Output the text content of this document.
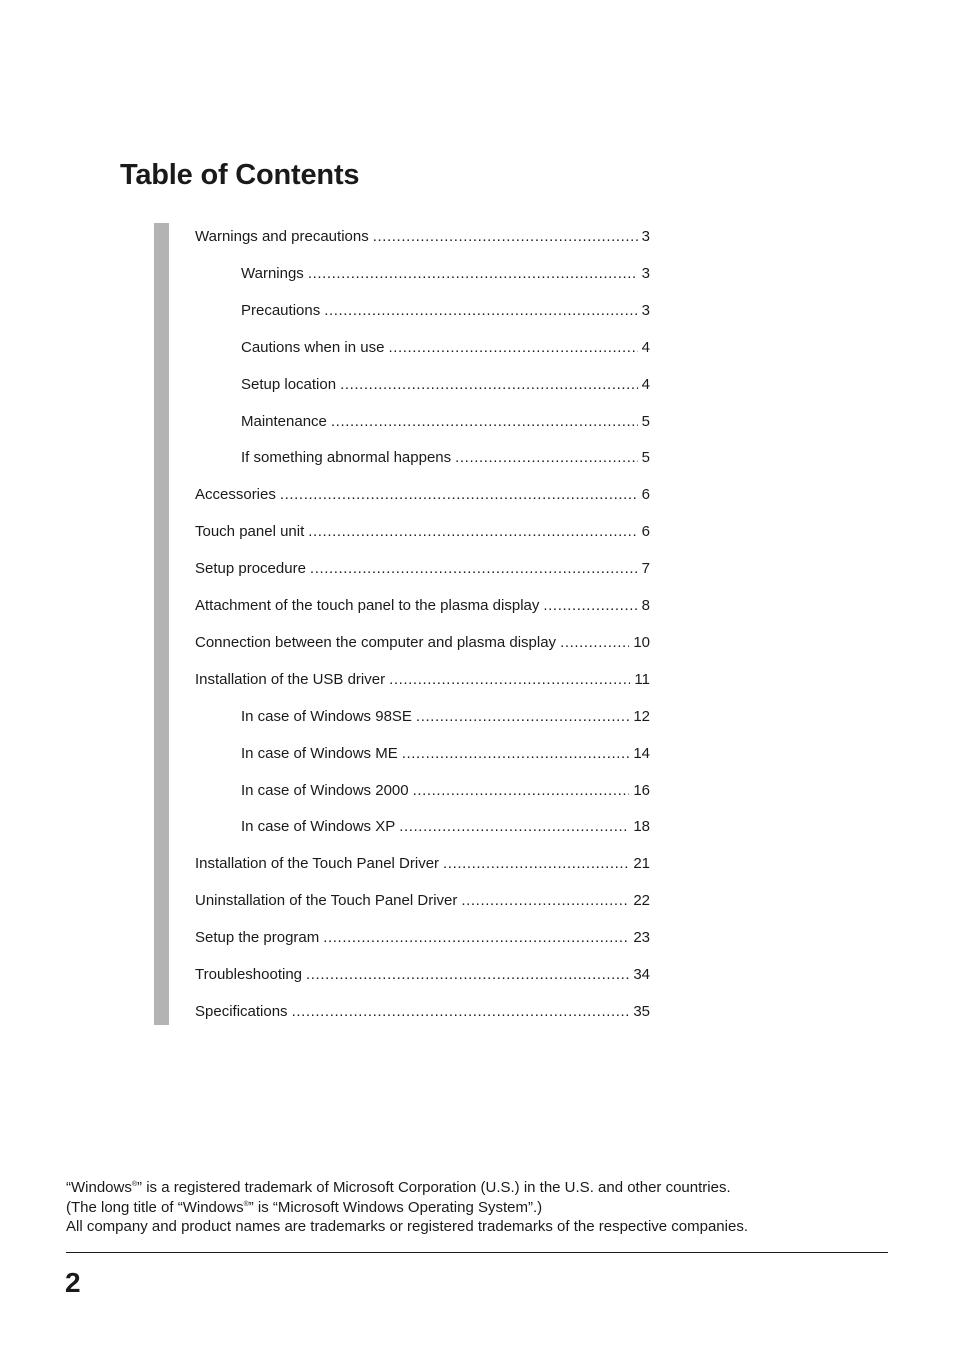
Table of Contents
Warnings and precautions .....	3
Warnings .....	3
Precautions .....	3
Cautions when in use .....	4
Setup location .....	4
Maintenance .....	5
If something abnormal happens .....	5
Accessories .....	6
Touch panel unit .....	6
Setup procedure .....	7
Attachment of the touch panel to the plasma display .....	8
Connection between the computer and plasma display .....	10
Installation of the USB driver .....	11
In case of Windows 98SE .....	12
In case of Windows ME .....	14
In case of Windows 2000 .....	16
In case of Windows XP .....	18
Installation of the Touch Panel Driver .....	21
Uninstallation of the Touch Panel Driver .....	22
Setup the program .....	23
Troubleshooting .....	34
Specifications .....	35

“Windows®” is a registered trademark of Microsoft Corporation (U.S.) in the U.S. and other countries.

(The long title of “Windows®” is “Microsoft Windows Operating System”.)

All company and product names are trademarks or registered trademarks of the respective companies.

2
